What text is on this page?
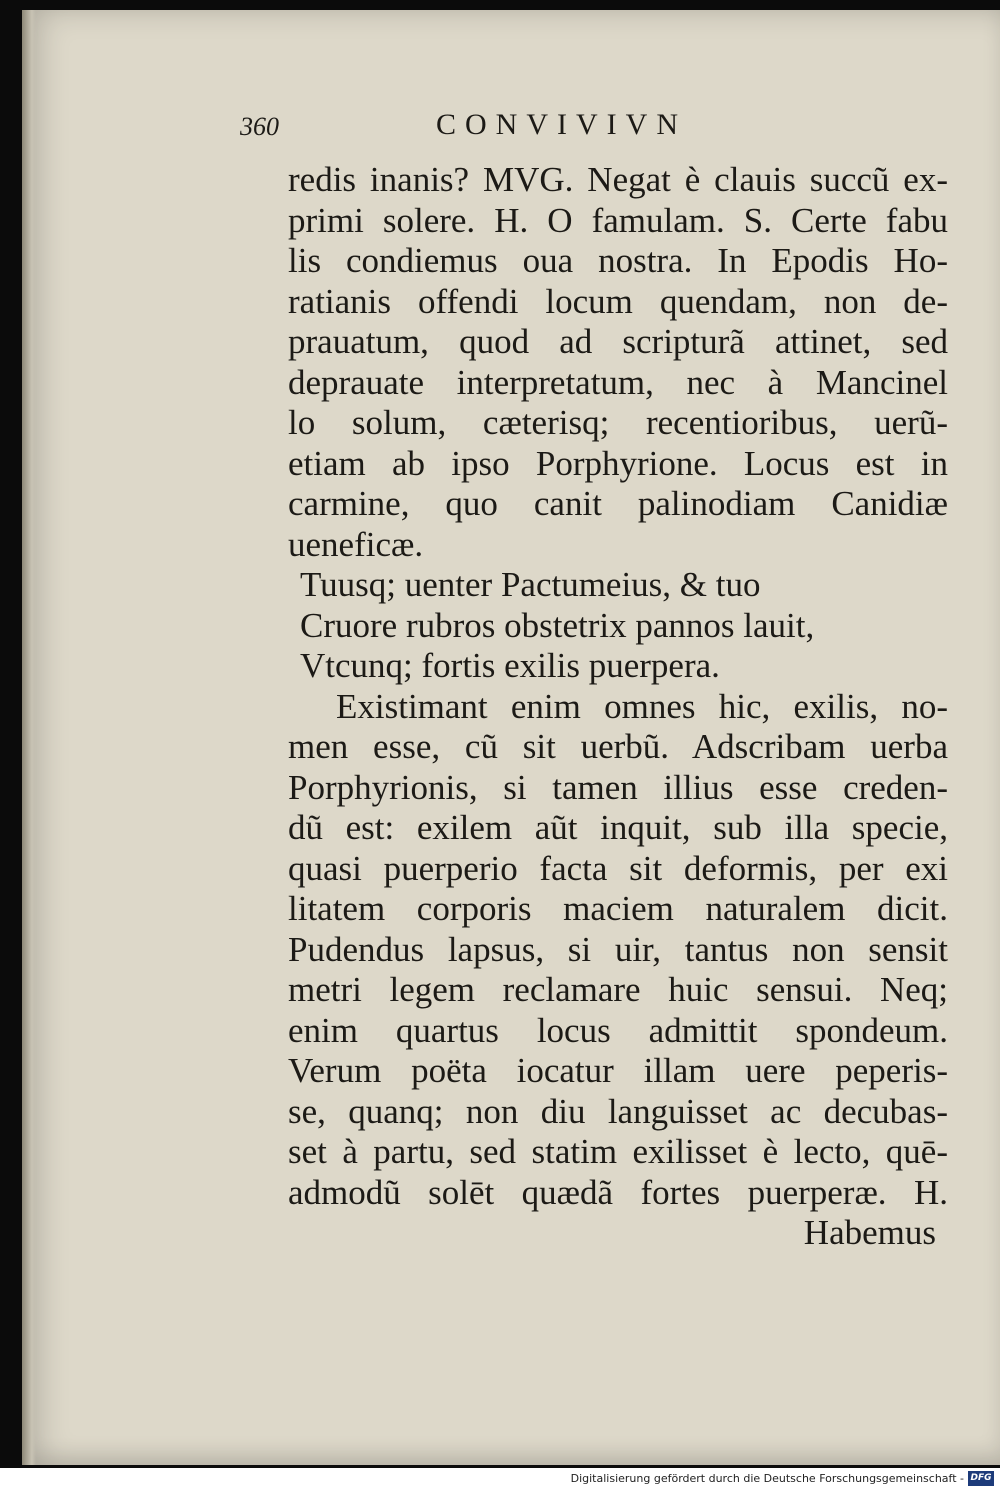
360	CONVIVIVN
redis inanis? MVG. Negat è clauis succũ ex-
primi solere. H. O famulam. S. Certe fabu
lis condiemus oua nostra. In Epodis Ho-
ratianis offendi locum quendam, non de-
prauatum, quod ad scripturã attinet, sed
deprauate interpretatum, nec à Mancinel
lo solum, cæterisq; recentioribus, uerũ-
etiam ab ipso Porphyrione. Locus est in
carmine, quo canit palinodiam Canidiæ
ueneficæ.
Tuusq; uenter Pactumeius, & tuo
Cruore rubros obstetrix pannos lauit,
Vtcunq; fortis exilis puerpera.
Existimant enim omnes hic, exilis, no-
men esse, cũ sit uerbũ. Adscribam uerba
Porphyrionis, si tamen illius esse creden-
dũ est: exilem aũt inquit, sub illa specie,
quasi puerperio facta sit deformis, per exi
litatem corporis maciem naturalem dicit.
Pudendus lapsus, si uir, tantus non sensit
metri legem reclamare huic sensui. Neq;
enim quartus locus admittit spondeum.
Verum poëta iocatur illam uere peperis-
se, quanq; non diu languisset ac decubas-
set à partu, sed statim exilisset è lecto, quē-
admodũ solēt quædã fortes puerperæ. H.
Habemus
Digitalisierung gefördert durch die Deutsche Forschungsgemeinschaft - DFG
